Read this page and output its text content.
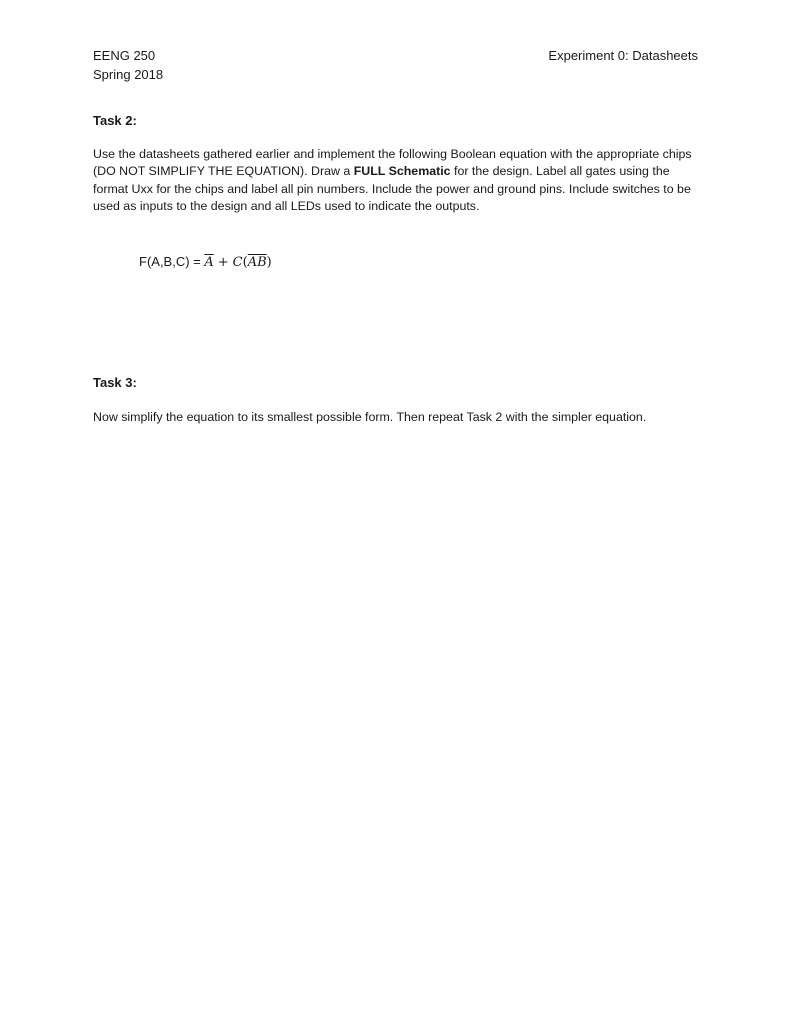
EENG 250
Spring 2018
Experiment 0: Datasheets
Task 2:
Use the datasheets gathered earlier and implement the following Boolean equation with the appropriate chips (DO NOT SIMPLIFY THE EQUATION). Draw a FULL Schematic for the design. Label all gates using the format Uxx for the chips and label all pin numbers. Include the power and ground pins. Include switches to be used as inputs to the design and all LEDs used to indicate the outputs.
$F(A,B,C) = \overline{A} + C(\overline{AB})$
Task 3:
Now simplify the equation to its smallest possible form. Then repeat Task 2 with the simpler equation.
